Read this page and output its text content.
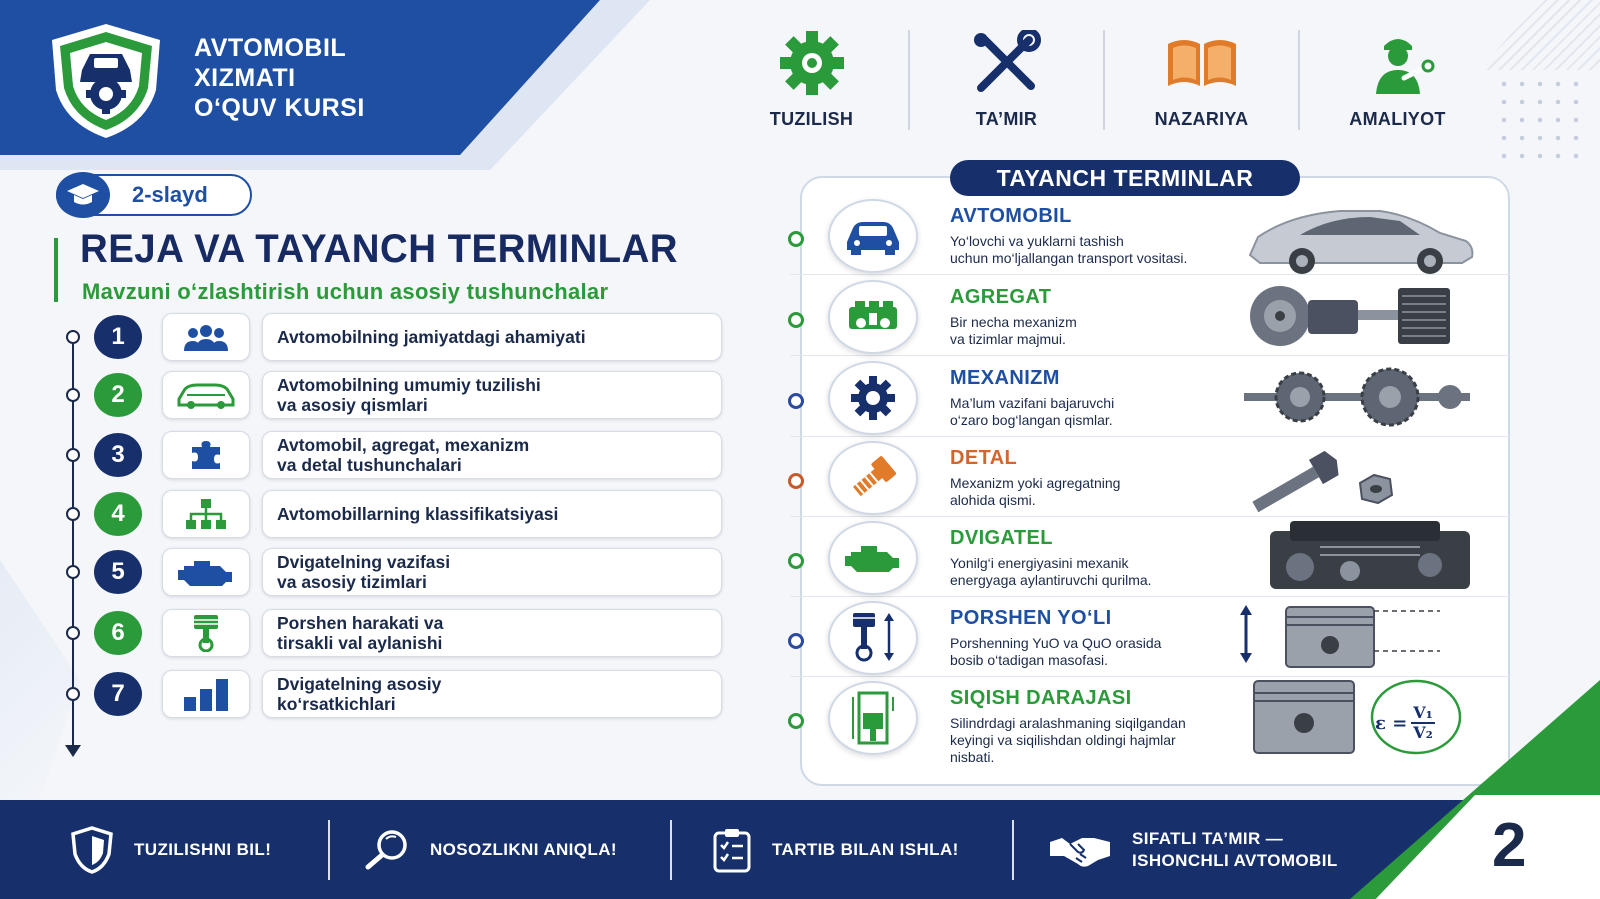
AVTOMOBIL
XIZMATI
O‘QUV KURSI	TUZILISH	TA’MIR	NAZARIYA	AMALIYOT
2-slayd
REJA VA TAYANCH TERMINLAR
Mavzuni o‘zlashtirish uchun asosiy tushunchalar
1	Avtomobilning jamiyatdagi ahamiyati
2	Avtomobilning umumiy tuzilishi
va asosiy qismlari
3	Avtomobil, agregat, mexanizm
va detal tushunchalari
4	Avtomobillarning klassifikatsiyasi
5	Dvigatelning vazifasi
va asosiy tizimlari
6	Porshen harakati va
tirsakli val aylanishi
7	Dvigatelning asosiy
ko‘rsatkichlari
TAYANCH TERMINLAR
AVTOMOBIL
Yo‘lovchi va yuklarni tashish
uchun mo‘ljallangan transport vositasi.
AGREGAT
Bir necha mexanizm
va tizimlar majmui.
MEXANIZM
Ma’lum vazifani bajaruvchi
o‘zaro bog‘langan qismlar.
DETAL
Mexanizm yoki agregatning
alohida qismi.
DVIGATEL
Yonilg‘i energiyasini mexanik
energyaga aylantiruvchi qurilma.
PORSHEN YO‘LI
Porshenning YuO va QuO orasida
bosib o‘tadigan masofasi.
SIQISH DARAJASI
Silindrdagi aralashmaning siqilgandan
keyingi va siqilishdan oldingi hajmlar
nisbati.
$\varepsilon = \frac{\text{V₁}}{\text{V₂}}$
2
TUZILISHNI BIL!	NOSOZLIKNI ANIQLA!	TARTIB BILAN ISHLA!
SIFATLI TA’MIR —
ISHONCHLI AVTOMOBIL
